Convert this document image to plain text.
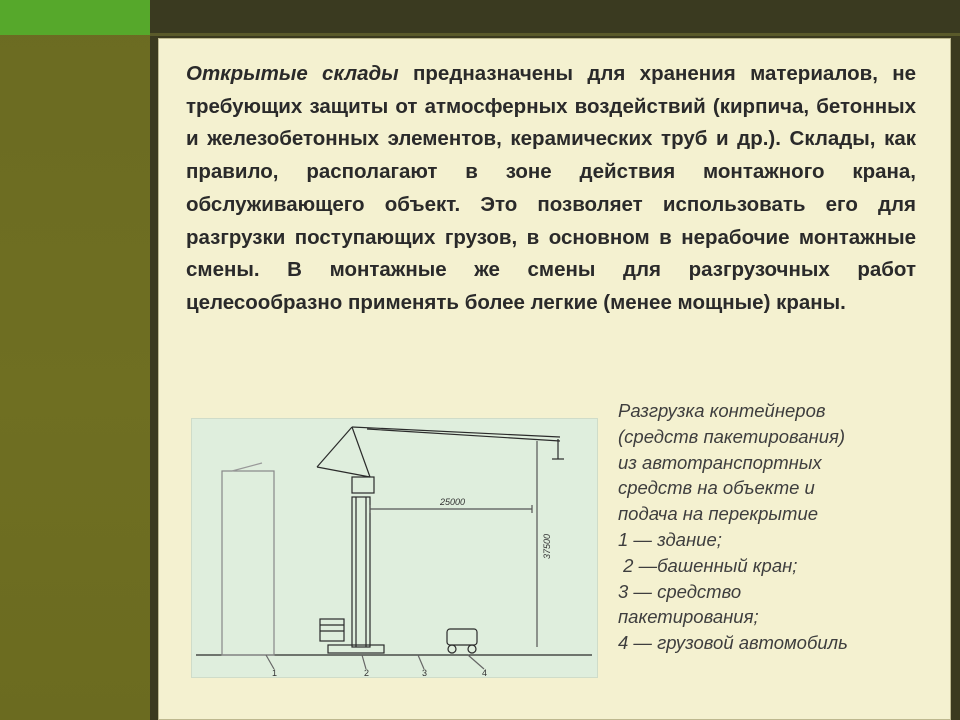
Открытые склады предназначены для хранения материалов, не требующих защиты от атмосферных воздействий (кирпича, бетонных и железобетонных элементов, керамических труб и др.). Склады, как правило, располагают в зоне действия монтажного крана, обслуживающего объект. Это позволяет использовать его для разгрузки поступающих грузов, в основном в нерабочие монтажные смены. В монтажные же смены для разгрузочных работ целесообразно применять более легкие (менее мощные) краны.

25000
37500
1	2	3	4
Разгрузка контейнеров
(средств пакетирования)
из автотранспортных
средств на объекте и
подача на перекрытие
1 — здание;
2 —башенный кран;
3 — средство
пакетирования;
4 — грузовой автомобиль
